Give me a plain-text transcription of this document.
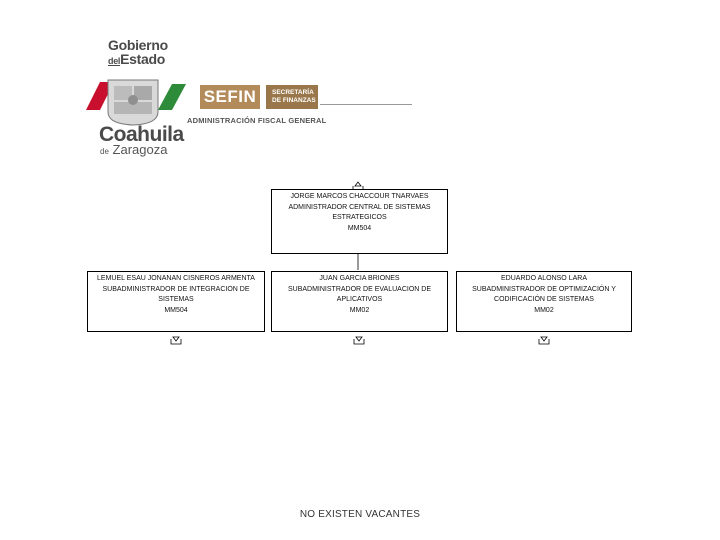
Gobierno
delEstado
SEFIN	SECRETARÍA
DE FINANZAS
ADMINISTRACIÓN FISCAL GENERAL
Coahuila
de Zaragoza
JORGE MARCOS CHACCOUR TNARVAES
ADMINISTRADOR CENTRAL DE SISTEMAS
ESTRATEGICOS
MM504
LEMUEL ESAU JONANAN CISNEROS ARMENTA
SUBADMINISTRADOR DE INTEGRACION DE
SISTEMAS
MM504
JUAN GARCIA BRIONES
SUBADMINISTRADOR DE EVALUACION DE
APLICATIVOS
MM02
EDUARDO ALONSO LARA
SUBADMINISTRADOR DE OPTIMIZACIÓN Y
CODIFICACIÓN DE SISTEMAS
MM02
NO EXISTEN VACANTES
